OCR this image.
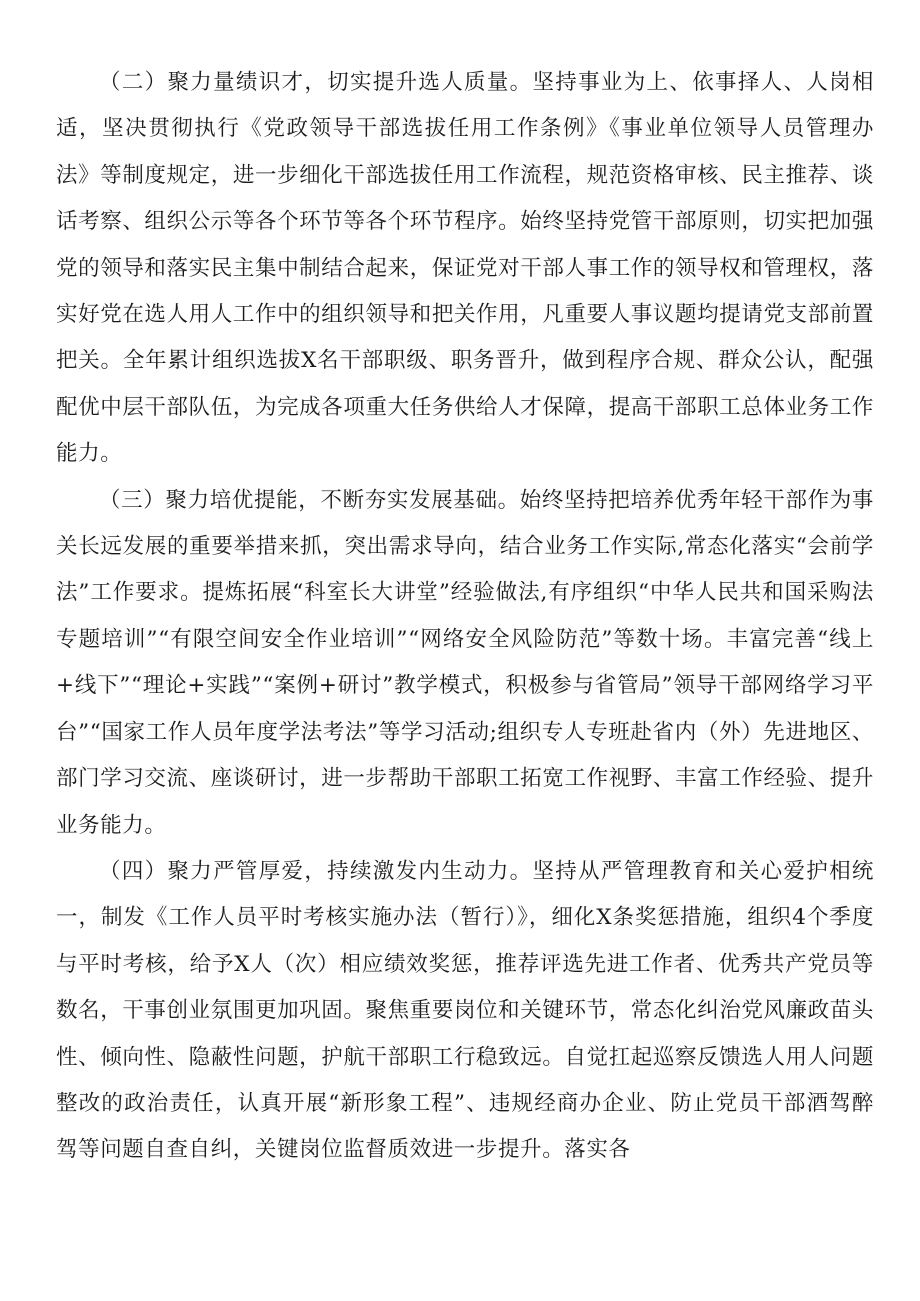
（二）聚力量绩识才，切实提升选人质量。坚持事业为上、依事择人、人岗相适，坚决贯彻执行《党政领导干部选拔任用工作条例》《事业单位领导人员管理办法》等制度规定，进一步细化干部选拔任用工作流程，规范资格审核、民主推荐、谈话考察、组织公示等各个环节等各个环节程序。始终坚持党管干部原则，切实把加强党的领导和落实民主集中制结合起来，保证党对干部人事工作的领导权和管理权，落实好党在选人用人工作中的组织领导和把关作用，凡重要人事议题均提请党支部前置把关。全年累计组织选拔X名干部职级、职务晋升，做到程序合规、群众公认，配强配优中层干部队伍，为完成各项重大任务供给人才保障，提高干部职工总体业务工作能力。

（三）聚力培优提能，不断夯实发展基础。始终坚持把培养优秀年轻干部作为事关长远发展的重要举措来抓，突出需求导向，结合业务工作实际,常态化落实“会前学法”工作要求。提炼拓展“科室长大讲堂”经验做法,有序组织“中华人民共和国采购法专题培训”“有限空间安全作业培训”“网络安全风险防范”等数十场。丰富完善“线上+线下”“理论+实践”“案例+研讨”教学模式，积极参与省管局”领导干部网络学习平台”“国家工作人员年度学法考法”等学习活动;组织专人专班赴省内（外）先进地区、部门学习交流、座谈研讨，进一步帮助干部职工拓宽工作视野、丰富工作经验、提升业务能力。

（四）聚力严管厚爱，持续激发内生动力。坚持从严管理教育和关心爱护相统一，制发《工作人员平时考核实施办法（暂行）》，细化X条奖惩措施，组织4个季度与平时考核，给予X人（次）相应绩效奖惩，推荐评选先进工作者、优秀共产党员等数名，干事创业氛围更加巩固。聚焦重要岗位和关键环节，常态化纠治党风廉政苗头性、倾向性、隐蔽性问题，护航干部职工行稳致远。自觉扛起巡察反馈选人用人问题整改的政治责任，认真开展“新形象工程”、违规经商办企业、防止党员干部酒驾醉驾等问题自查自纠，关键岗位监督质效进一步提升。落实各
